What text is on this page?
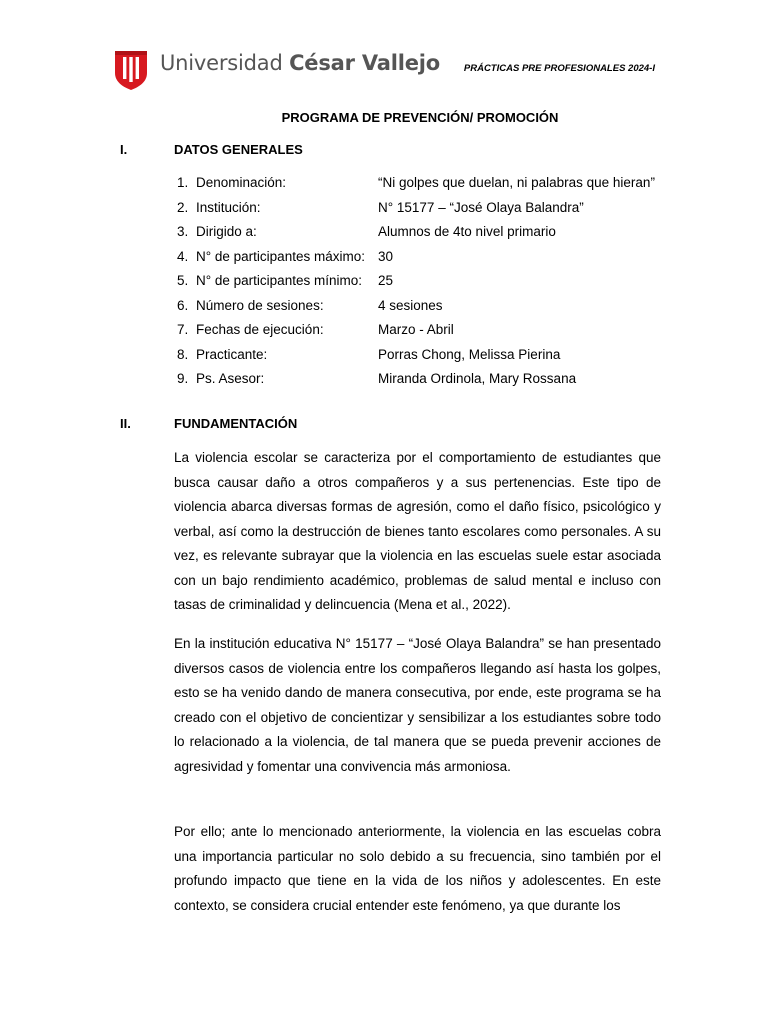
Universidad César Vallejo	PRÁCTICAS PRE PROFESIONALES 2024-I
PROGRAMA DE PREVENCIÓN/ PROMOCIÓN
I.	DATOS GENERALES
1. Denominación:	“Ni golpes que duelan, ni palabras que hieran”
2. Institución:	N° 15177 – “José Olaya Balandra”
3. Dirigido a:	Alumnos de 4to nivel primario
4. N° de participantes máximo: 30
5. N° de participantes mínimo: 25
6. Número de sesiones:	4 sesiones
7. Fechas de ejecución:	Marzo - Abril
8. Practicante:	Porras Chong, Melissa Pierina
9. Ps. Asesor:	Miranda Ordinola, Mary Rossana
II.	FUNDAMENTACIÓN

La violencia escolar se caracteriza por el comportamiento de estudiantes que busca causar daño a otros compañeros y a sus pertenencias. Este tipo de violencia abarca diversas formas de agresión, como el daño físico, psicológico y verbal, así como la destrucción de bienes tanto escolares como personales. A su vez, es relevante subrayar que la violencia en las escuelas suele estar asociada con un bajo rendimiento académico, problemas de salud mental e incluso con tasas de criminalidad y delincuencia (Mena et al., 2022).

En la institución educativa N° 15177 – “José Olaya Balandra” se han presentado diversos casos de violencia entre los compañeros llegando así hasta los golpes, esto se ha venido dando de manera consecutiva, por ende, este programa se ha creado con el objetivo de concientizar y sensibilizar a los estudiantes sobre todo lo relacionado a la violencia, de tal manera que se pueda prevenir acciones de agresividad y fomentar una convivencia más armoniosa.

Por ello; ante lo mencionado anteriormente, la violencia en las escuelas cobra una importancia particular no solo debido a su frecuencia, sino también por el profundo impacto que tiene en la vida de los niños y adolescentes. En este contexto, se considera crucial entender este fenómeno, ya que durante los
